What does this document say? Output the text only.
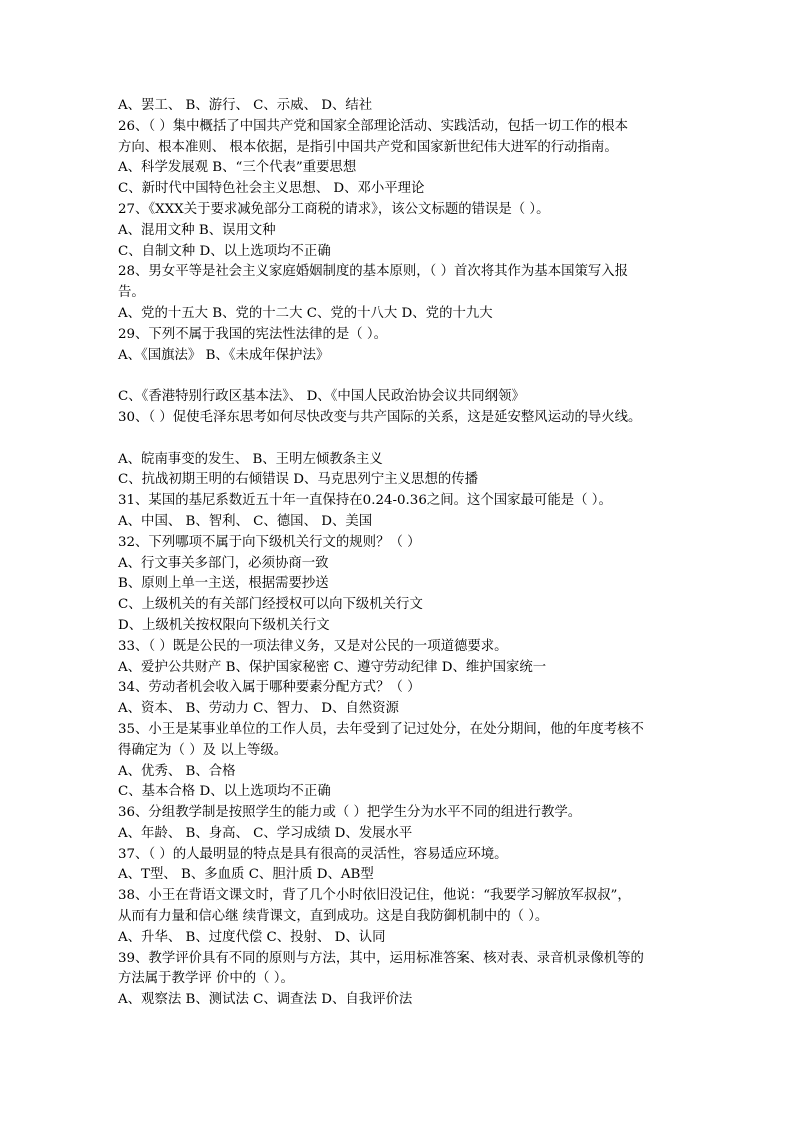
A、罢工、 B、游行、 C、示威、 D、结社
26、（ ）集中概括了中国共产党和国家全部理论活动、实践活动，包括一切工作的根本
方向、根本准则、 根本依据，是指引中国共产党和国家新世纪伟大进军的行动指南。
A、科学发展观 B、“三个代表”重要思想
C、新时代中国特色社会主义思想、 D、邓小平理论
27、《XXX关于要求减免部分工商税的请求》，该公文标题的错误是（ ）。
A、混用文种 B、误用文种
C、自制文种 D、以上选项均不正确
28、男女平等是社会主义家庭婚姻制度的基本原则，（ ）首次将其作为基本国策写入报
告。
A、党的十五大 B、党的十二大 C、党的十八大 D、党的十九大
29、下列不属于我国的宪法性法律的是（ ）。
A、《国旗法》 B、《未成年保护法》
C、《香港特别行政区基本法》、 D、《中国人民政治协会议共同纲领》
30、（ ）促使毛泽东思考如何尽快改变与共产国际的关系，这是延安整风运动的导火线。
A、皖南事变的发生、 B、王明左倾教条主义
C、抗战初期王明的右倾错误 D、马克思列宁主义思想的传播
31、某国的基尼系数近五十年一直保持在0.24-0.36之间。这个国家最可能是（ ）。
A、中国、 B、智利、 C、德国、 D、美国
32、下列哪项不属于向下级机关行文的规则？（ ）
A、行文事关多部门，必须协商一致
B、原则上单一主送，根据需要抄送
C、上级机关的有关部门经授权可以向下级机关行文
D、上级机关按权限向下级机关行文
33、（ ）既是公民的一项法律义务，又是对公民的一项道德要求。
A、爱护公共财产 B、保护国家秘密 C、遵守劳动纪律 D、维护国家统一
34、劳动者机会收入属于哪种要素分配方式？（ ）
A、资本、 B、劳动力 C、智力、 D、自然资源
35、小王是某事业单位的工作人员，去年受到了记过处分，在处分期间，他的年度考核不
得确定为（ ）及 以上等级。
A、优秀、 B、合格
C、基本合格 D、以上选项均不正确
36、分组教学制是按照学生的能力或（ ）把学生分为水平不同的组进行教学。
A、年龄、 B、身高、 C、学习成绩 D、发展水平
37、（ ）的人最明显的特点是具有很高的灵活性，容易适应环境。
A、T型、 B、多血质 C、胆汁质 D、AB型
38、小王在背语文课文时，背了几个小时依旧没记住，他说：“我要学习解放军叔叔”，
从而有力量和信心继 续背课文，直到成功。这是自我防御机制中的（ ）。
A、升华、 B、过度代偿 C、投射、 D、认同
39、教学评价具有不同的原则与方法，其中，运用标准答案、核对表、录音机录像机等的
方法属于教学评 价中的（ ）。
A、观察法 B、测试法 C、调查法 D、自我评价法
